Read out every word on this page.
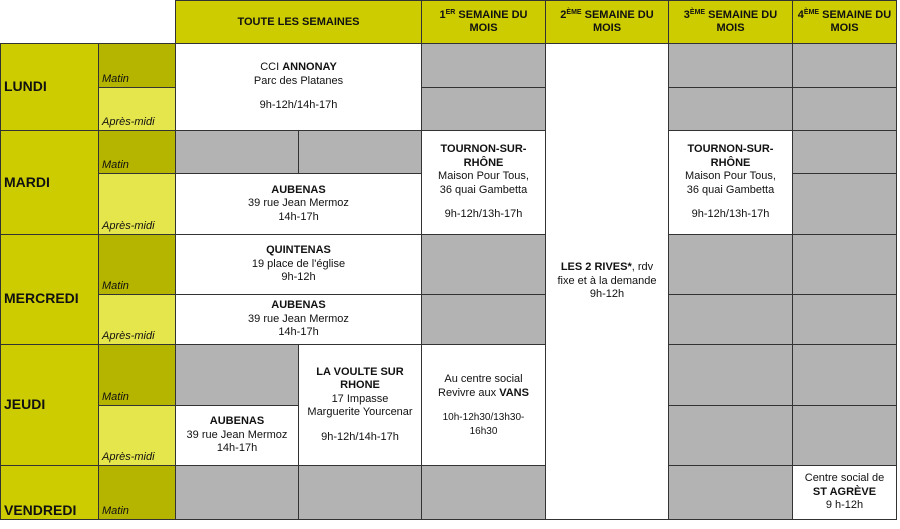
TOUTE LES SEMAINES
1ER SEMAINE DU MOIS
2ÈME SEMAINE DU MOIS
3ÈME SEMAINE DU MOIS
4ÈME SEMAINE DU MOIS
LUNDI
MARDI
MERCREDI
JEUDI
VENDREDI
Matin
Après-midi
Matin
Après-midi
Matin
Après-midi
Matin
Après-midi
Matin
CCI ANNONAY
Parc des Platanes
9h-12h/14h-17h
LES 2 RIVES*, rdv
fixe et à la demande
9h-12h
AUBENAS
39 rue Jean Mermoz
14h-17h
TOURNON-SUR-
RHÔNE
Maison Pour Tous,
36 quai Gambetta
9h-12h/13h-17h
TOURNON-SUR-
RHÔNE
Maison Pour Tous,
36 quai Gambetta
9h-12h/13h-17h
QUINTENAS
19 place de l'église
9h-12h
AUBENAS
39 rue Jean Mermoz
14h-17h
AUBENAS
39 rue Jean Mermoz
14h-17h
LA VOULTE SUR
RHONE
17 Impasse
Marguerite Yourcenar
9h-12h/14h-17h
Au centre social
Revivre aux VANS
10h-12h30/13h30-
16h30
Centre social de
ST AGRÈVE
9 h-12h
